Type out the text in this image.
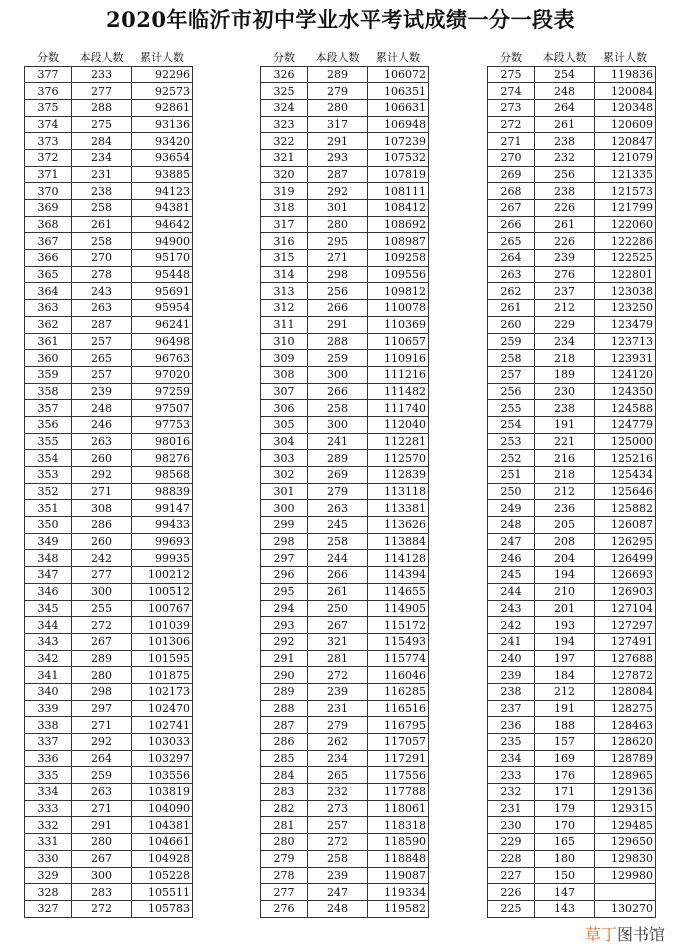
2020年临沂市初中学业水平考试成绩一分一段表
分数	本段人数	累计人数
377	233	92296
376	277	92573
375	288	92861
374	275	93136
373	284	93420
372	234	93654
371	231	93885
370	238	94123
369	258	94381
368	261	94642
367	258	94900
366	270	95170
365	278	95448
364	243	95691
363	263	95954
362	287	96241
361	257	96498
360	265	96763
359	257	97020
358	239	97259
357	248	97507
356	246	97753
355	263	98016
354	260	98276
353	292	98568
352	271	98839
351	308	99147
350	286	99433
349	260	99693
348	242	99935
347	277	100212
346	300	100512
345	255	100767
344	272	101039
343	267	101306
342	289	101595
341	280	101875
340	298	102173
339	297	102470
338	271	102741
337	292	103033
336	264	103297
335	259	103556
334	263	103819
333	271	104090
332	291	104381
331	280	104661
330	267	104928
329	300	105228
328	283	105511
327	272	105783
分数	本段人数	累计人数
326	289	106072
325	279	106351
324	280	106631
323	317	106948
322	291	107239
321	293	107532
320	287	107819
319	292	108111
318	301	108412
317	280	108692
316	295	108987
315	271	109258
314	298	109556
313	256	109812
312	266	110078
311	291	110369
310	288	110657
309	259	110916
308	300	111216
307	266	111482
306	258	111740
305	300	112040
304	241	112281
303	289	112570
302	269	112839
301	279	113118
300	263	113381
299	245	113626
298	258	113884
297	244	114128
296	266	114394
295	261	114655
294	250	114905
293	267	115172
292	321	115493
291	281	115774
290	272	116046
289	239	116285
288	231	116516
287	279	116795
286	262	117057
285	234	117291
284	265	117556
283	232	117788
282	273	118061
281	257	118318
280	272	118590
279	258	118848
278	239	119087
277	247	119334
276	248	119582
分数	本段人数	累计人数
275	254	119836
274	248	120084
273	264	120348
272	261	120609
271	238	120847
270	232	121079
269	256	121335
268	238	121573
267	226	121799
266	261	122060
265	226	122286
264	239	122525
263	276	122801
262	237	123038
261	212	123250
260	229	123479
259	234	123713
258	218	123931
257	189	124120
256	230	124350
255	238	124588
254	191	124779
253	221	125000
252	216	125216
251	218	125434
250	212	125646
249	236	125882
248	205	126087
247	208	126295
246	204	126499
245	194	126693
244	210	126903
243	201	127104
242	193	127297
241	194	127491
240	197	127688
239	184	127872
238	212	128084
237	191	128275
236	188	128463
235	157	128620
234	169	128789
233	176	128965
232	171	129136
231	179	129315
230	170	129485
229	165	129650
228	180	129830
227	150	129980
226	147	
225	143	130270
草丁图书馆
